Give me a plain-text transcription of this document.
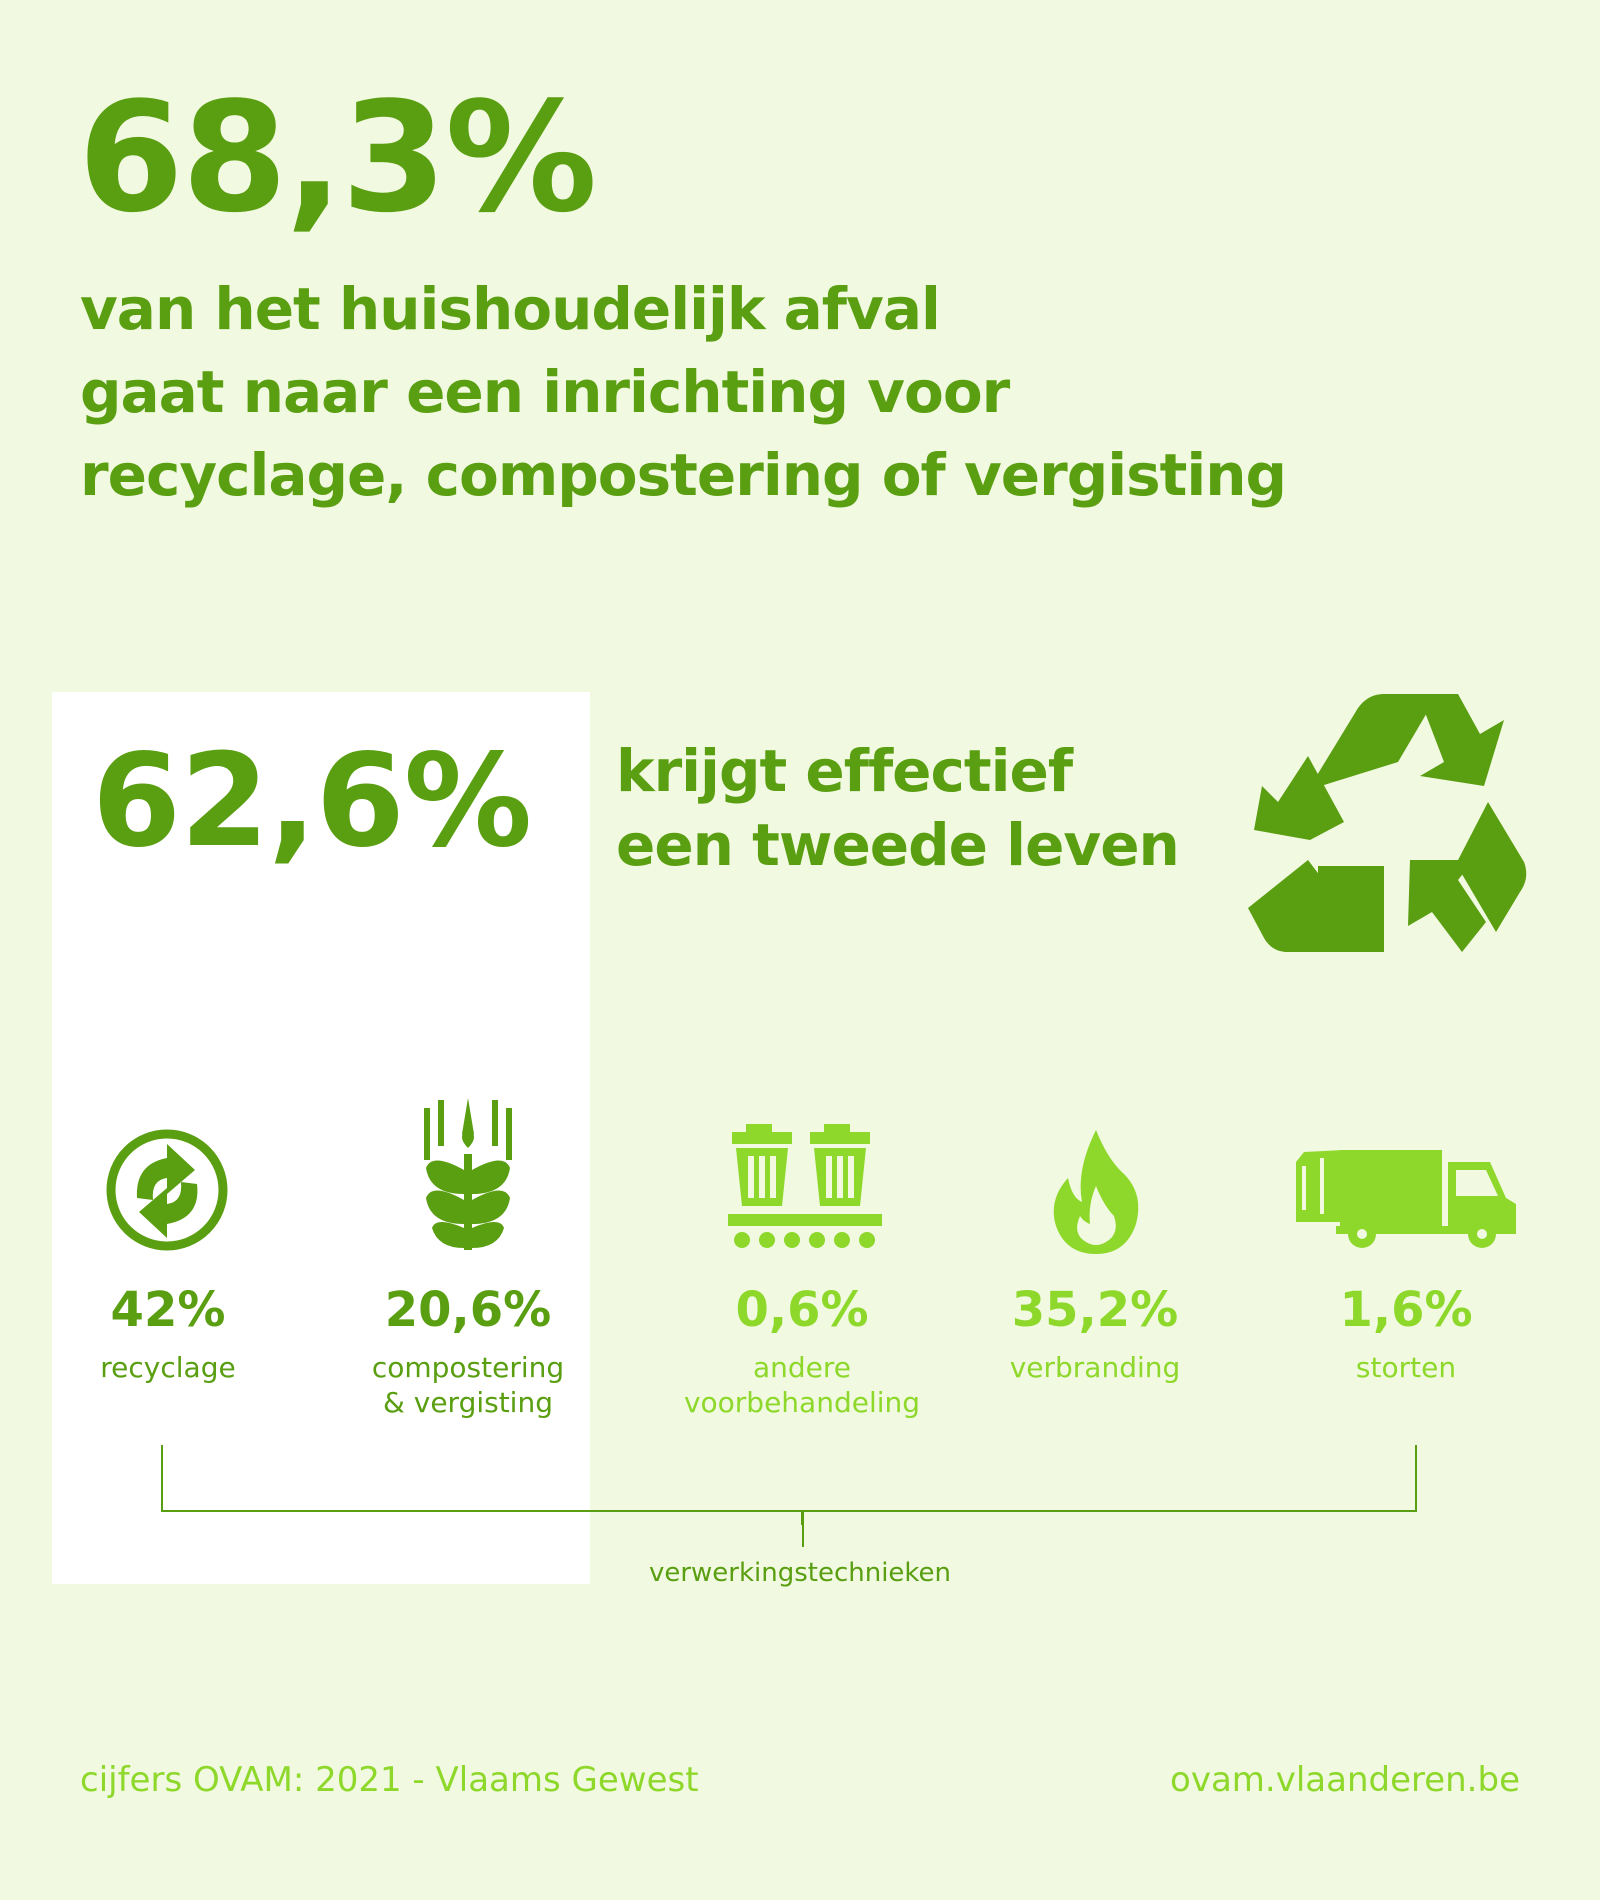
68,3%

van het huishoudelijk afval
gaat naar een inrichting voor
recyclage, compostering of vergisting

62,6% krijgt effectief
een tweede leven

42%
recyclage
20,6%
compostering
& vergisting
0,6%
andere
voorbehandeling
35,2%
verbranding
1,6%
storten
verwerkingstechnieken
cijfers OVAM: 2021 - Vlaams Gewest	ovam.vlaanderen.be
